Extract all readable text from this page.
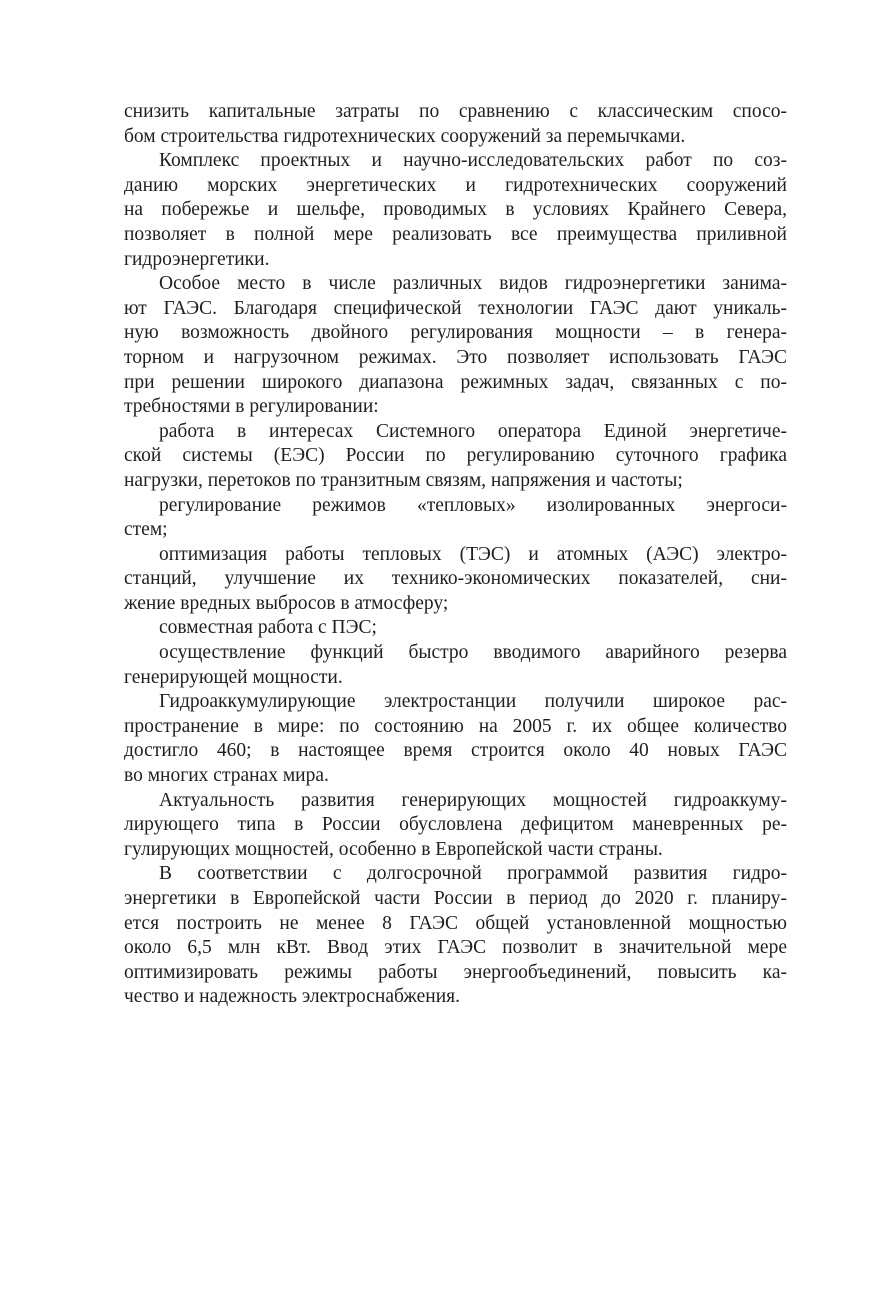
снизить капитальные затраты по сравнению с классическим спосо-
бом строительства гидротехнических сооружений за перемычками.
Комплекс проектных и научно-исследовательских работ по соз-
данию морских энергетических и гидротехнических сооружений
на побережье и шельфе, проводимых в условиях Крайнего Севера,
позволяет в полной мере реализовать все преимущества приливной
гидроэнергетики.
Особое место в числе различных видов гидроэнергетики занима-
ют ГАЭС. Благодаря специфической технологии ГАЭС дают уникаль-
ную возможность двойного регулирования мощности – в генера-
торном и нагрузочном режимах. Это позволяет использовать ГАЭС
при решении широкого диапазона режимных задач, связанных с по-
требностями в регулировании:
работа в интересах Системного оператора Единой энергетиче-
ской системы (ЕЭС) России по регулированию суточного графика
нагрузки, перетоков по транзитным связям, напряжения и частоты;
регулирование режимов «тепловых» изолированных энергоси-
стем;
оптимизация работы тепловых (ТЭС) и атомных (АЭС) электро-
станций, улучшение их технико-экономических показателей, сни-
жение вредных выбросов в атмосферу;
совместная работа с ПЭС;
осуществление функций быстро вводимого аварийного резерва
генерирующей мощности.
Гидроаккумулирующие электростанции получили широкое рас-
пространение в мире: по состоянию на 2005 г. их общее количество
достигло 460; в настоящее время строится около 40 новых ГАЭС
во многих странах мира.
Актуальность развития генерирующих мощностей гидроаккуму-
лирующего типа в России обусловлена дефицитом маневренных ре-
гулирующих мощностей, особенно в Европейской части страны.
В соответствии с долгосрочной программой развития гидро-
энергетики в Европейской части России в период до 2020 г. планиру-
ется построить не менее 8 ГАЭС общей установленной мощностью
около 6,5 млн кВт. Ввод этих ГАЭС позволит в значительной мере
оптимизировать режимы работы энергообъединений, повысить ка-
чество и надежность электроснабжения.
